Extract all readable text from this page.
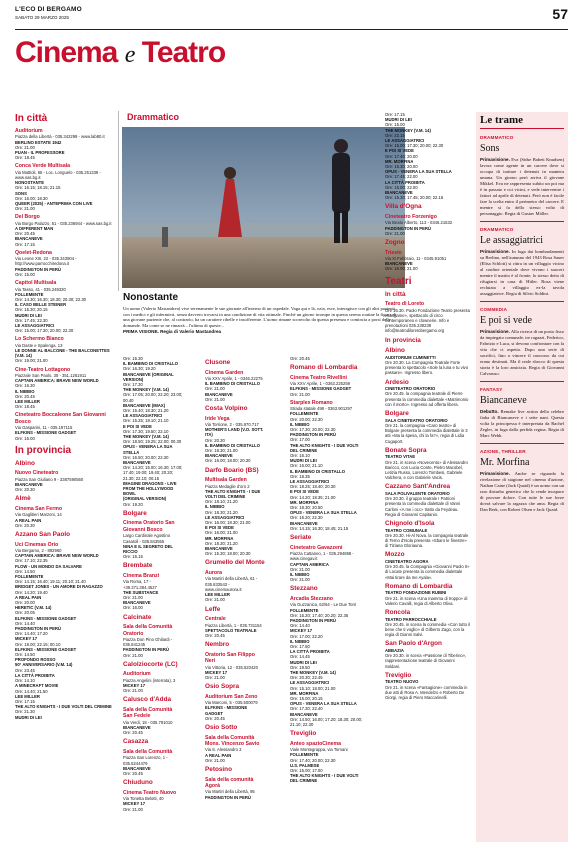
L'ECO DI BERGAMO
SABATO 29 MARZO 2025	57
Cinema e Teatro
In città
Auditorium
Piazza della Libertà - 035.342299 - www.lab80.it
BERLINO ESTATE 1942
Ore: 21.00
PUAN - IL PROFESSORE
Ore: 18.45
Conca Verde Multisala
Via Mattioli, 65 - Loc. Longuelo - 035.251339 - www.sas.bg.it
NONOSTANTE
Ore: 16.15; 18.15; 21.15
SONS
Ore: 16.00; 18.30
QUEER (2025) - ANTEPRIMA CON LIVE
Ore: 21.00
Del Borgo
Via Borgo Palazzo, 51 - 035.236944 - www.sas.bg.it
A DIFFERENT MAN
Ore: 20.45
BIANCANEVE
Ore: 17.15
Qoelet-Redona
Via Leone XIII, 22 - 035.343904 - http://www.parrocchiredona.it
PADDINGTON IN PERÙ
Ore: 15.00
Capitol Multisala
Via Tasso, 41 - 035.249330
FOLLEMENTE
Ore: 14.30; 16.30; 18.30; 20.30; 22.30
IL CASO BELLE STEINER
Ore: 15.30; 20.15
MUDRI DI LEI
Ore: 17.45; 22.30
LE ASSAGGIATRICI
Ore: 15.00; 17.30; 20.00; 22.30
Lo Schermo Bianco
Via Daste e Spalenga, 13
LE DONNE AL BALCONE - THE BALCONETTES (V.M. 14)
Ore: 19.00; 21.00
Cine-Teatro Lottagono
Piazzale San Paolo, 35 - 351.1261911
CAPTAIN AMERICA: BRAVE NEW WORLD
Ore: 16.30
IL NIBBIO
Ore: 20.45
LEE MILLER
Ore: 18.45
Cineteatro Boccaleone San Giovanni Bosco
Via Gasparini, 11 - 035.197115
ELFKINS - MISSIONE GADGET
Ore: 16.00
In provincia
Albino
Nuovo Cineteatro
Piazza San Giuliano 9 - 3387590560
BIANCANEVE
Ore: 20.30
Almè
Cinema San Fermo
Via Gaglitieri Marzoni, 14
A REAL PAIN
Ore: 20.30
Azzano San Paolo
Uci Cinemas Orio
Via Bergamo, 2 - 892960
CAPTAIN AMERICA: BRAVE NEW WORLD
Ore: 17.10; 22.35
FLOW - UN MONDO DA SALVARE
Ore: 14.50
FOLLEMENTE
Ore: 14.15; 16.40; 19.11; 20.10; 21.40
BRIDGET JONES - UN AMORE DI RAGAZZO
Ore: 14.20; 19.40
A REAL PAIN
Ore: 20.00
HERETIC (V.M. 14)
Ore: 20.05
ELFKINS - MISSIONE GADGET
Ore: 14.40
PADDINGTON IN PERÙ
Ore: 14.40; 17.20
MICKEY 17
Ore: 18.00; 22.15; 00.10
ELFKINS - MISSIONE GADGET
Ore: 14.50
PROFONDO ROSSO
50° ANNIVERSARIO (V.M. 14)
Ore: 23.45
LA CITTÀ PROIBITA
Ore: 14.10
A MINECRAFT MOVIE
Ore: 14.40; 21.50
LEE MILLER
Ore: 17.15
THE ALTO KNIGHTS - I DUE VOLTI DEL CRIMINE
Ore: 21.30
MUDRI DI LEI
Drammatico
Nonostante
Un uomo (Valerio Mastandrea) vive serenamente le sue giornate all'interno di un ospedale. Vaga qui e là, ozia, esce, interagisce con gli altri pazienti, con i medici e gli infermieri, senza davvero trovarsi in una condizione di vita ottimale. Finché un giorno irrompe in questa serena routine la figura di una giovane paziente che, al contrario, ha un carattere ribelle e insofferente. L'uomo rimane sconvolto da questa presenza e comincia a porsi delle domande. Ma come se ne rimarrà... l'ultima di queste...
PRIMA VISIONE. Regia di Valerio Mastandrea
Ore: 15.30
IL BAMBINO DI CRISTALLO
Ore: 16.30; 19.20
BIANCANEVE (ORIGINAL VERSION)
Ore: 17.30
THE MONKEY (V.M. 14)
Ore: 17.05; 20.00; 22.20; 23.00; 00.40
BIANCANEVE (IMAX)
Ore: 15.40; 18.30; 21.20
LE ASSAGGIATRICI
Ore: 15.25; 18.10; 21.10
E POI SI VEDE
Ore: 17.30; 19.50; 22.10
THE MONKEY (V.M. 14)
Ore: 18.50; 19.25; 22.00; 00.30
OPUS - VENERA LA SUA STELLA
Ore: 16.50; 20.00; 22.30
BIANCANEVE
Ore: 14.20; 15.00; 16.30; 17.00; 17.40; 19.00; 19.40; 20.20; 21.30; 22.10; 00.15
IMAGINE DRAGONS - LIVE FROM THE HOLLYWOOD BOWL
(ORIGINAL VERSION)
Ore: 19.20
Bolgare
Cinema Oratorio San Giovanni Bosco
Largo Cardinale Agostino Casaroli - 035.843555
NINA E IL SEGRETO DEL RICCIO
Ore: 16.15
Brembate
Cinema Branzi
Via Roma, 17 - +39.371.384.4527
THE SUBSTANCE
Ore: 21.00
BIANCANEVE
Ore: 16.00
Calcinate
Sala della Comunità Oratorio
Piazza Don Pino Ghilardi - 035.841245
PADDINGTON IN PERÙ
Ore: 21.00
Calolziocorte (LC)
Auditorium
Piazza Angelini (interrata), 3
MICKEY 17
Ore: 21.00
Calusco d'Adda
Sala della Comunità San Fedele
Via Verdi, 18 - 035.791010
BIANCANEVE
Ore: 20.45
Casazza
Sala della Comunità
Piazza San Lorenzo, 1 - 035.8244479
BIANCANEVE
Ore: 20.45
Chiuduno
Cinema Teatro Nuovo
Via Tonetta Belotti, 40
MICKEY 17
Ore: 21.00
Clusone
Cinema Garden
Via XXV Aprile, 1 - 0346.22275
IL BAMBINO DI CRISTALLO
Ore: 21.00
BIANCANEVE
Ore: 21.00
Costa Volpino
Iride Vega
Via Torrione, 2 - 035.970.717
MOTHER'S LAND (V.O. SOTT. ITA)
Ore: 20.30
IL BAMBINO DI CRISTALLO
Ore: 18.30; 21.00
BIANCANEVE
Ore: 16.00; 18.00; 20.30
Darfo Boario (BS)
Multisala Garden
Piazza Medaglie d'oro 2
THE ALTO KNIGHTS - I DUE VOLTI DEL CRIMINE
Ore: 18.10; 21.20
IL NIBBIO
Ore: 18.30; 21.20
LE ASSAGGIATRICI
Ore: 16.00; 18.30; 21.00
E POI SI VEDE
Ore: 16.00; 21.00
MR. MORFINA
Ore: 18.30; 21.20
BIANCANEVE
Ore: 15.30; 18.00; 20.30
Grumello del Monte
Aurora
Via Martiri della Libertà, 61 - 035.833543 - www.cinemaurora.it
LEE MILLER
Ore: 21.00
Leffe
Centrale
Piazza Libertà, 1 - 035.731154
SPETTACOLO TEATRALE
Ore: 20.45
Nembro
Oratorio San Filippo Neri
Via Vittoria, 12 - 035.520420
MICKEY 17
Ore: 21.00
Osio Sopra
Auditorium San Zeno
Via Marconi, 5 - 035.500079
ELFKINS - MISSIONE GADGET
Ore: 20.45
Osio Sotto
Sala della Comunità Mons. Vincenzo Savio
Via S. Alessandro 3
A REAL PAIN
Ore: 21.00
Petosino
Sala della comunità Agorà
Via Martiri della Libertà, 95
PADDINGTON IN PERÙ
Ore: 20.45
Romano di Lombardia
Cinema Teatro Rivellini
Via XXV Aprile, 1 - 0363.225259
ELFKINS - MISSIONE GADGET
Ore: 21.00
Starplex Romano
Strada statale 498 - 0363.901297
FOLLEMENTE
Ore: 20.00; 22.30
IL NIBBIO
Ore: 17.30; 20.00; 22.30
PADDINGTON IN PERÙ
Ore: 17.00
THE ALTO KNIGHTS - I DUE VOLTI DEL CRIMINE
Ore: 16.10
MUDRI DI LEI
Ore: 16.00; 21.10
IL BAMBINO DI CRISTALLO
Ore: 18.35
LE ASSAGGIATRICI
Ore: 18.25; 18.40; 20.30
E POI SI VEDE
Ore: 14.20; 18.35; 21.00
MR. MORFINA
Ore: 18.30; 20.50
OPUS - VENERA LA SUA STELLA
Ore: 16.20; 22.30
BIANCANEVE
Ore: 14.15; 16.30; 18.45; 21.15
Seriate
Cineteatro Gavazzeni
Piazza Cattaneo, 1 - 035.294868 - www.cinegav.it
CAPTAIN AMERICA
Ore: 21.00
IL NIBBIO
Ore: 21.00
Stezzano
Arcadia Stezzano
Via Guzzanica, 62/64 - Le Due Torri
FOLLEMENTE
Ore: 15.20; 17.40; 20.20; 22.35
PADDINGTON IN PERÙ
Ore: 14.40
MICKEY 17
Ore: 17.00; 22.20
IL NIBBIO
Ore: 17.50
LA CITTÀ PROIBITA
Ore: 14.45
MUDRI DI LEI
Ore: 19.50
THE MONKEY (V.M. 14)
Ore: 20.30; 22.45
LE ASSAGGIATRICI
Ore: 15.10; 18.00; 21.00
MR. MORFINA
Ore: 15.00; 20.15
OPUS - VENERA LA SUA STELLA
Ore: 17.30; 22.40
BIANCANEVE
Ore: 14.50; 16.00; 17.20; 18.30; 20.00; 21.10; 22.30
Treviglio
Anteo spazioCinema
Viale Montegrappa, via Tornani
FOLLEMENTE
Ore: 17.40; 20.00; 22.30
U.S. PALMESE
Ore: 15.00; 17.00
THE ALTO KNIGHTS - I DUE VOLTI DEL CRIMINE
Ore: 17.15
MUDRI DI LEI
Ore: 15.00
THE MONKEY (V.M. 14)
Ore: 22.15
LE ASSAGGIATRICI
Ore: 15.00; 17.30; 20.00; 22.30
E POI SI VEDE
Ore: 17.40; 20.00
MR. MORFINA
Ore: 15.30; 20.00
OPUS - VENERA LA SUA STELLA
Ore: 17.45; 22.00
LA CITTÀ PROIBITA
Ore: 15.00; 22.00
BIANCANEVE
Ore: 15.30; 17.45; 20.00; 22.15
Villa d'Ogna
Cineteatro Forzenigo
Via Beato Alberto, 113 - 0346.21532
PADDINGTON IN PERÙ
Ore: 21.00
Zogno
Trieste
Via XI Febbraio, 11 - 0345.91051
BIANCANEVE
Ore: 16.00; 21.00
Teatri
In città
Teatro di Loreto
Ore 16.30. Paolo Fondazione Teatro presenta «Lasgame», spettacolo di circo contemporaneo e clownerie. Info e prenotazioni 035.239239 info@teatrodiloretobergamo.org
In provincia
Albino
AUDITORIUM CUMINETTI
Ore 20.30. La Compagnia Teatrale Forte presenta lo spettacolo «Sole la luna e tu vivo passare». Ingresso libero.
Ardesio
CINETEATRO ORATORIO
Ore 20.45. la compagnia teatrale di Pierre presenta la commedia dialettale «Matrimonio con il morto». Ingresso ad offerta libera.
Bolgare
SALA CINETEATRO ORATORIO
Ore 21. la compagnia «Caro teatro» di Bolgare presenta la commedia dialettale in 3 atti «Ma la spesa, chi la fa?», regia di Lidia Cugaport.
Bonate Sopra
TEATRO VITAE
Ore 21. in scena «Novecento» di Alessandro Baricco, con Lucia Conte, Pietro Macobel, Letizia Russo, Lorenzo Tombesi, Gabriele Valchera, e con Gabriele Vacis.
Cazzano Sant'Andrea
SALA POLIVALENTE ORATORIO
Ore 20.30. il gruppo teatrale I Patrioni presenta la commedia dialettale di Vanni Carloni «A me i occ» tratto da Feydeau. Regia di Giovanni Capitanio.
Chignolo d'Isola
TEATRO COMUNALE
Ore 20.30. Hi-Al Nova. la compagnia teatrale di Terno d'Isola presenta «Sbaro le finestre» di Tiziana Gloriauna.
Mozzo
CINETEATRO AGORA
Ore 20.45. la Compagnia «Giovanni Paolo II» di Locate presenta la commedia dialettale «Mai tirare da me Ayala».
Romano di Lombardia
TEATRO FONDAZIONE RUBINI
Ore 21. in scena «Una mamma di troppo» di Valerio Cavalli, regia di Alberto Oliva.
Roncola
TEATRO PARROCCHIALE
Ore 20.45. in scena la commedia «Con tutto il bene che ti voglio» di Gilberto Zago, con la regia di Gianni Salvi.
San Paolo d'Argon
ABBAZIA
Ore 20.30. in scena «Passione di Tiberino», rappresentazione teatrale di Giovanni Soldani.
Treviglio
TEATRO NUOVO
Ore 21. in scena «Fantagione» commedia in due atti di Rosa A. Mendelzo e Roberto De Giorgi, regia di Piero Maccarinelli.
Le trame
DRAMMATICO
Sons
Primavisione. Eva (Sidse Babett Knudsen) lavora come agente in un carcere dove si occupa di trattare i detenuti in maniera umana. Un giorno però arriva il giovane Mikkel. Eva ne rappresenta subito un poi ma è in passato e coi vicini, e vede intervenire i fattori ad aprile di detenuti. Però non è facile fare la scelta entro il perimetro del carcere. E mentre si fa dello stesso volto di personaggio. Regia di Gustav Möller.
DRAMMATICO
Le assaggiatrici
Primavisione. In fuga dai bombardamenti su Berlino, nell'autunno del 1943 Rosa Sauer (Elisa Schlott) si ritira in un villaggio vicino al confine orientale dove vivono i suoceri mentre il marito è al fronte, lo stesso detto di rifugiarsi in casa di Hitler. Rosa viene reclutata a villaggio ex-la tavola assaggiatrice. Regia di Silvio Soldini.
COMMEDIA
E poi si vede
Primavisione. Alla ricerca di un posto fisso da impiegato comunale, tre ragazzi, Federico, Fabrizio e Luca, si devono confrontare con la vita che ci aspetta. Dopo una serie di sacrifici, fino a vincere il concorso da cui erano destinati. Ma il reale sbocco di questa storia è la loro amicizia. Regia di Giovanni Calvaruso.
FANTASY
Biancaneve
Debutto. Remake live action della celebre fiaba di Biancaneve e i sette nani. Questa volta la principessa è interpretata da Rachel Zegler, in fuga dalla perfida regina. Regia di Marc Webb.
AZIONE, THRILLER
Mr. Morfina
Primavisione. Anche se riguarda la rivelazione di stagione nel cinema d'azione, Nathan Caine (Jack Quaid) è un uomo con un raro disturbo genetico che lo rende incapace di provare dolore. Con tutte le sue forze dovrà salvare la ragazza che ama. Regia di Dan Berk, con Robert Olsen e Jack Quaid.
